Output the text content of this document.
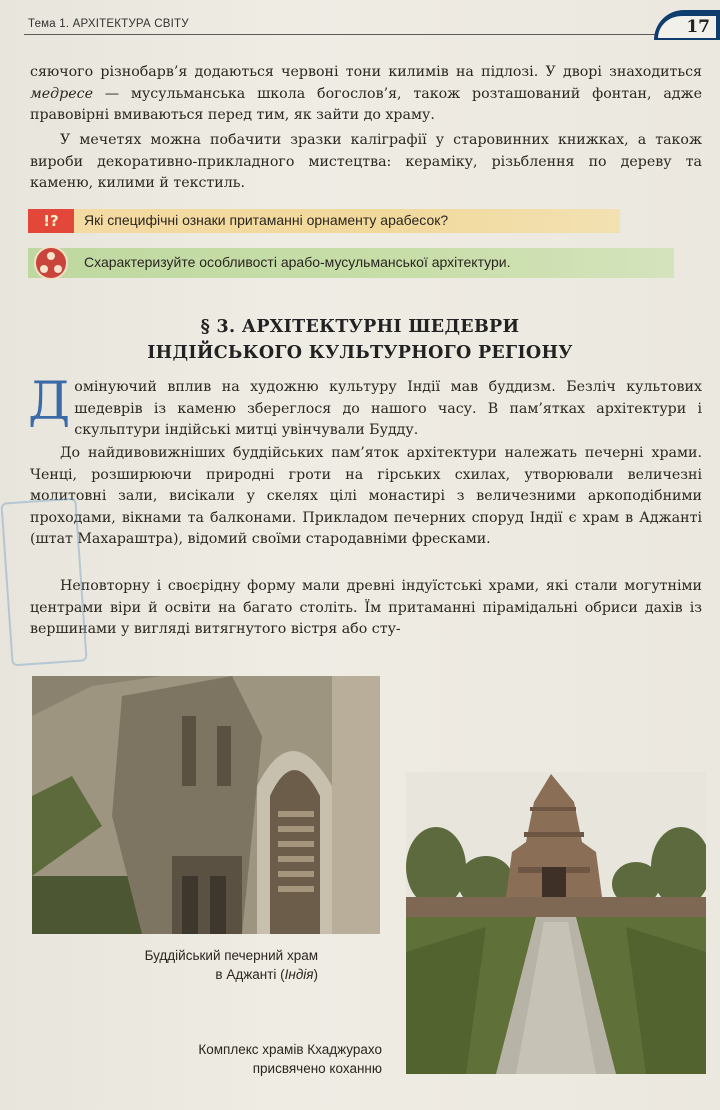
Тема 1. АРХІТЕКТУРА СВІТУ	17
сяючого різнобарв’я додаються червоні тони килимів на підлозі. У дворі знаходиться медресе — мусульманська школа богослов’я, також розташований фонтан, адже правовірні вмиваються перед тим, як зайти до храму.
У мечетях можна побачити зразки каліграфії у старовинних книжках, а також вироби декоративно-прикладного мистецтва: кераміку, різьблення по дереву та каменю, килими й текстиль.
!?	Які специфічні ознаки притаманні орнаменту арабесок?
Схарактеризуйте особливості арабо-мусульманської архітектури.
§ 3. АРХІТЕКТУРНІ ШЕДЕВРИ
ІНДІЙСЬКОГО КУЛЬТУРНОГО РЕГІОНУ
Домінуючий вплив на художню культуру Індії мав буддизм. Безліч культових шедеврів із каменю збереглося до нашого часу. В пам’ятках архітектури і скульптури індійські митці увінчували Будду.
До найдивовижніших буддійських пам’яток архітектури належать печерні храми. Ченці, розширюючи природні гроти на гірських схилах, утворювали величезні молитовні зали, висікали у скелях цілі монастирі з величезними аркоподібними проходами, вікнами та балконами. Прикладом печерних споруд Індії є храм в Аджанті (штат Махараштра), відомий своїми стародавніми фресками.
Неповторну і своєрідну форму мали древні індуїстські храми, які стали могутніми центрами віри й освіти на багато століть. Їм притаманні пірамідальні обриси дахів із вершинами у вигляді витягнутого вістря або сту-
Буддійський печерний храм
в Аджанті (Індія)
Комплекс храмів Кхаджурахо
присвячено коханню
